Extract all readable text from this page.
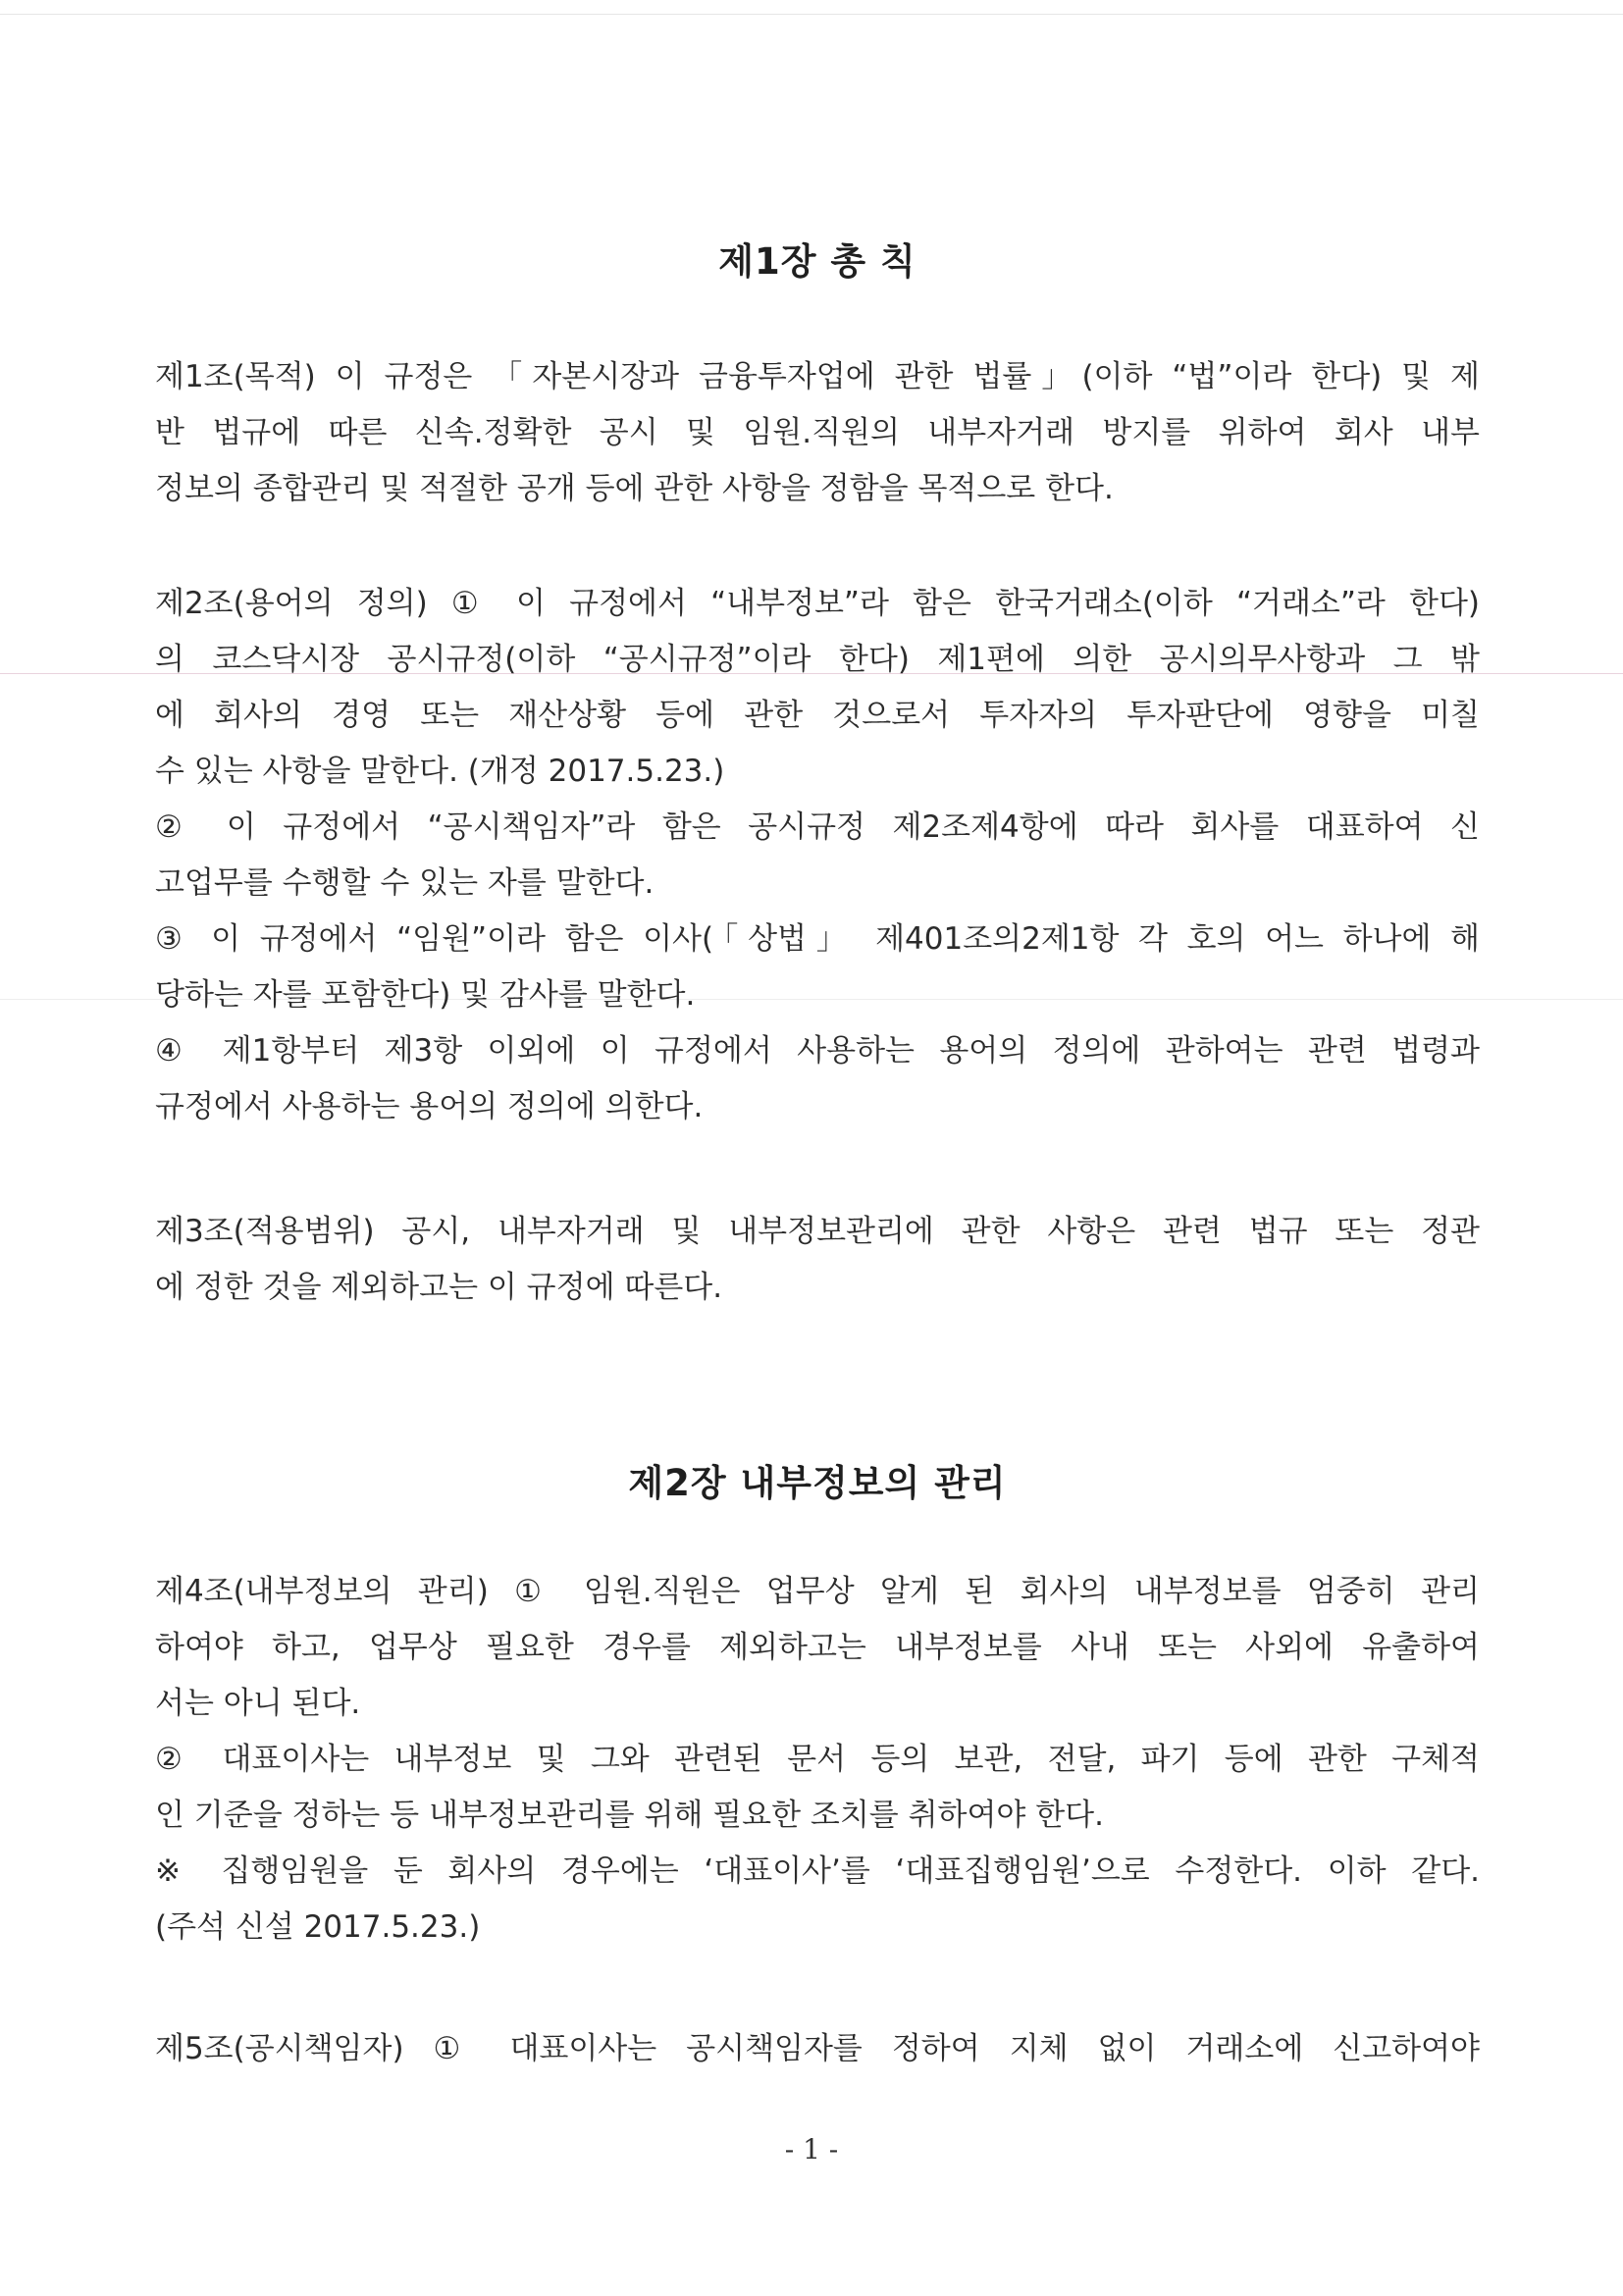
제1장 총 칙
제1조(목적) 이 규정은 「자본시장과 금융투자업에 관한 법률」(이하 “법”이라 한다) 및 제
반 법규에 따른 신속.정확한 공시 및 임원.직원의 내부자거래 방지를 위하여 회사 내부
정보의 종합관리 및 적절한 공개 등에 관한 사항을 정함을 목적으로 한다.
제2조(용어의 정의) ① 이 규정에서 “내부정보”라 함은 한국거래소(이하 “거래소”라 한다)
의 코스닥시장 공시규정(이하 “공시규정”이라 한다) 제1편에 의한 공시의무사항과 그 밖
에 회사의 경영 또는 재산상황 등에 관한 것으로서 투자자의 투자판단에 영향을 미칠
수 있는 사항을 말한다. (개정 2017.5.23.)
② 이 규정에서 “공시책임자”라 함은 공시규정 제2조제4항에 따라 회사를 대표하여 신
고업무를 수행할 수 있는 자를 말한다.
③ 이 규정에서 “임원”이라 함은 이사(「상법」 제401조의2제1항 각 호의 어느 하나에 해
당하는 자를 포함한다) 및 감사를 말한다.
④ 제1항부터 제3항 이외에 이 규정에서 사용하는 용어의 정의에 관하여는 관련 법령과
규정에서 사용하는 용어의 정의에 의한다.
제3조(적용범위) 공시, 내부자거래 및 내부정보관리에 관한 사항은 관련 법규 또는 정관
에 정한 것을 제외하고는 이 규정에 따른다.
제2장 내부정보의 관리
제4조(내부정보의 관리) ① 임원.직원은 업무상 알게 된 회사의 내부정보를 엄중히 관리
하여야 하고, 업무상 필요한 경우를 제외하고는 내부정보를 사내 또는 사외에 유출하여
서는 아니 된다.
② 대표이사는 내부정보 및 그와 관련된 문서 등의 보관, 전달, 파기 등에 관한 구체적
인 기준을 정하는 등 내부정보관리를 위해 필요한 조치를 취하여야 한다.
※ 집행임원을 둔 회사의 경우에는 ‘대표이사’를 ‘대표집행임원’으로 수정한다. 이하 같다.
(주석 신설 2017.5.23.)
제5조(공시책임자) ① 대표이사는 공시책임자를 정하여 지체 없이 거래소에 신고하여야
- 1 -
